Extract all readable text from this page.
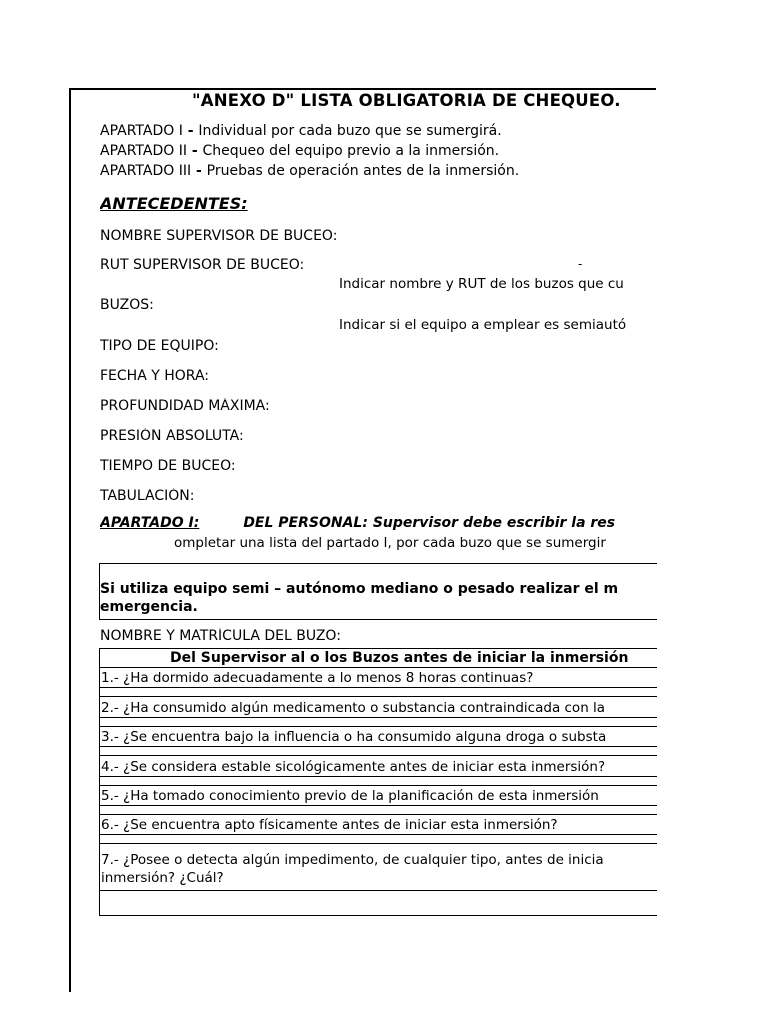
"ANEXO D" LISTA OBLIGATORIA DE CHEQUEO.
APARTADO I - Individual por cada buzo que se sumergirá.
APARTADO II - Chequeo del equipo previo a la inmersión.
APARTADO III - Pruebas de operación antes de la inmersión.
ANTECEDENTES:
NOMBRE SUPERVISOR DE BUCEO:
RUT SUPERVISOR DE BUCEO:	-
Indicar nombre y RUT de los buzos que cu
BUZOS:
Indicar si el equipo a emplear es semiautó
TIPO DE EQUIPO:
FECHA Y HORA:
PROFUNDIDAD MÁXIMA:
PRESIÓN ABSOLUTA:
TIEMPO DE BUCEO:
TABULACIÓN:
APARTADO I:	DEL PERSONAL: Supervisor debe escribir la res
ompletar una lista del partado I, por cada buzo que se sumergir
Si utiliza equipo semi – autónomo mediano o pesado realizar el m
emergencia.
NOMBRE Y MATRÍCULA DEL BUZO:
Del Supervisor al o los Buzos antes de iniciar la inmersión
1.- ¿Ha dormido adecuadamente a lo menos 8 horas continuas?
2.- ¿Ha consumido algún medicamento o substancia contraindicada con la
3.- ¿Se encuentra bajo la influencia o ha consumido alguna droga o substa
4.- ¿Se considera estable sicológicamente antes de iniciar esta inmersión?
5.- ¿Ha tomado conocimiento previo de la planificación de esta inmersión
6.- ¿Se encuentra apto físicamente antes de iniciar esta inmersión?
7.- ¿Posee o detecta algún impedimento, de cualquier tipo, antes de inicia
inmersión? ¿Cuál?
